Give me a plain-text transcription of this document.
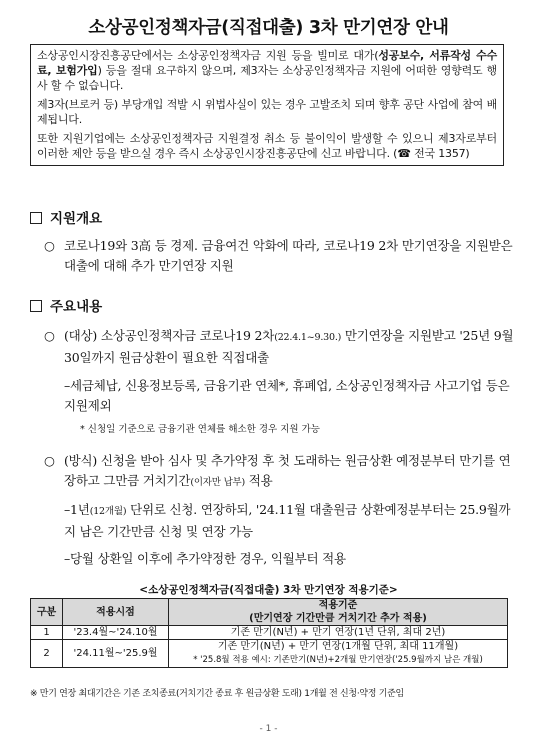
소상공인정책자금(직접대출) 3차 만기연장 안내

소상공인시장진흥공단에서는 소상공인정책자금 지원 등을 빌미로 대가(성공보수, 서류작성 수수료, 보험가입) 등을 절대 요구하지 않으며, 제3자는 소상공인정책자금 지원에 어떠한 영향력도 행사 할 수 없습니다.

제3자(브로커 등) 부당개입 적발 시 위법사실이 있는 경우 고발조치 되며 향후 공단 사업에 참여 배제됩니다.

또한 지원기업에는 소상공인정책자금 지원결정 취소 등 불이익이 발생할 수 있으니 제3자로부터 이러한 제안 등을 받으실 경우 즉시 소상공인시장진흥공단에 신고 바랍니다. (☎ 전국 1357)

지원개요
○ 코로나19와 3高 등 경제. 금융여건 악화에 따라, 코로나19 2차 만기연장을 지원받은 대출에 대해 추가 만기연장 지원
주요내용
○ (대상) 소상공인정책자금 코로나19 2차(22.4.1~9.30.) 만기연장을 지원받고 '25년 9월 30일까지 원금상환이 필요한 직접대출
–세금체납, 신용정보등록, 금융기관 연체*, 휴폐업, 소상공인정책자금 사고기업 등은 지원제외
* 신청일 기준으로 금융기관 연체를 해소한 경우 지원 가능
○ (방식) 신청을 받아 심사 및 추가약정 후 첫 도래하는 원금상환 예정분부터 만기를 연장하고 그만큼 거치기간(이자만 납부) 적용
–1년(12개월) 단위로 신청. 연장하되, '24.11월 대출원금 상환예정분부터는 25.9월까지 남은 기간만큼 신청 및 연장 가능
–당월 상환일 이후에 추가약정한 경우, 익월부터 적용
<소상공인정책자금(직접대출) 3차 만기연장 적용기준>
구분	적용시점	적용기준
(만기연장 기간만큼 거치기간 추가 적용)
1	'23.4월~'24.10월	기존 만기(N년) + 만기 연장(1년 단위, 최대 2년)
2	'24.11월~'25.9월	기존 만기(N년) + 만기 연장(1개월 단위, 최대 11개월)
* '25.8월 적용 예시: 기존만기(N년)+2개월 만기연장('25.9월까지 남은 개월)
※ 만기 연장 최대기간은 기존 조치종료(거치기간 종료 후 원금상환 도래) 1개월 전 신청·약정 기준임
- 1 -
